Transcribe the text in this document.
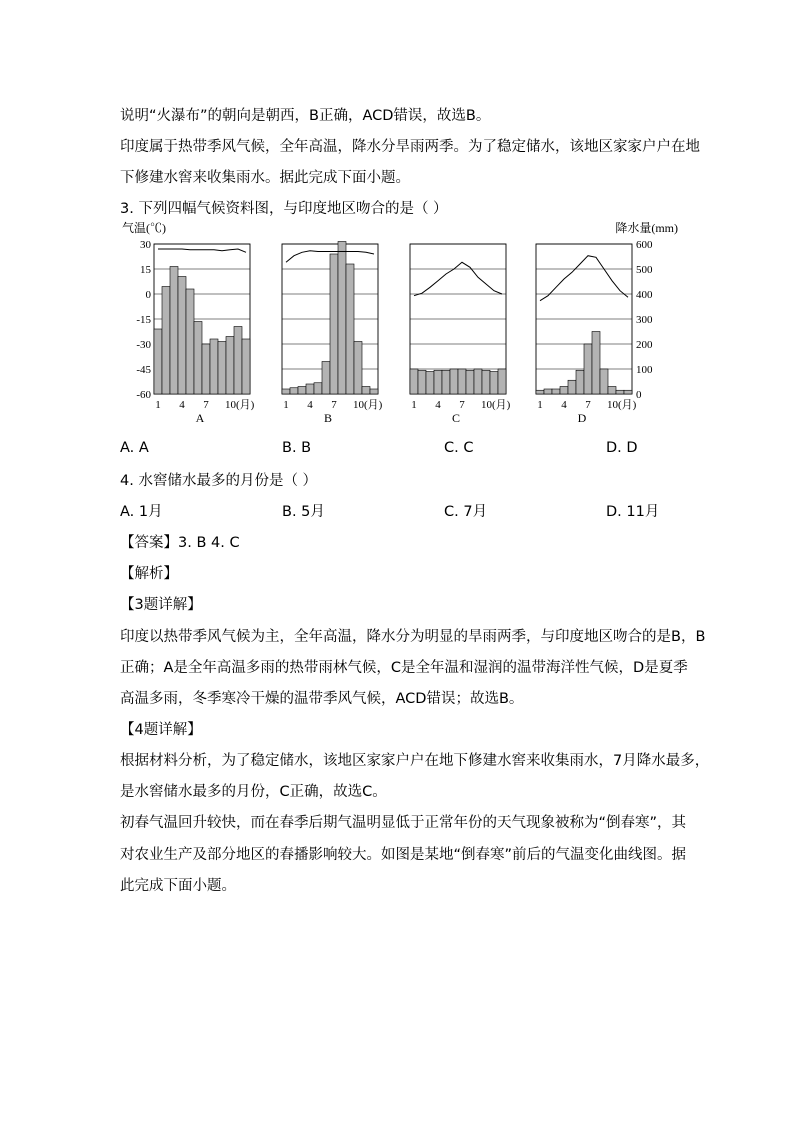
说明“火瀑布”的朝向是朝西，B正确，ACD错误，故选B。
印度属于热带季风气候，全年高温，降水分旱雨两季。为了稳定储水，该地区家家户户在地
下修建水窖来收集雨水。据此完成下面小题。
3. 下列四幅气候资料图，与印度地区吻合的是（ ）
气温(℃)	降水量(mm)
30
15
0
-15
-30
-45
-60
600
500
400
300
200
100
0
1 4 7 10(月)
A
1 4 7 10(月)
B
1 4 7 10(月)
C
1 4 7 10(月)
D
A. A	B. B	C. C	D. D
4. 水窖储水最多的月份是（ ）
A. 1月	B. 5月	C. 7月	D. 11月
【答案】3. B 4. C
【解析】
【3题详解】
印度以热带季风气候为主，全年高温，降水分为明显的旱雨两季，与印度地区吻合的是B，B
正确；A是全年高温多雨的热带雨林气候，C是全年温和湿润的温带海洋性气候，D是夏季
高温多雨，冬季寒冷干燥的温带季风气候，ACD错误；故选B。
【4题详解】
根据材料分析，为了稳定储水，该地区家家户户在地下修建水窖来收集雨水，7月降水最多，
是水窖储水最多的月份，C正确，故选C。
初春气温回升较快，而在春季后期气温明显低于正常年份的天气现象被称为“倒春寒”，其
对农业生产及部分地区的春播影响较大。如图是某地“倒春寒”前后的气温变化曲线图。据
此完成下面小题。
